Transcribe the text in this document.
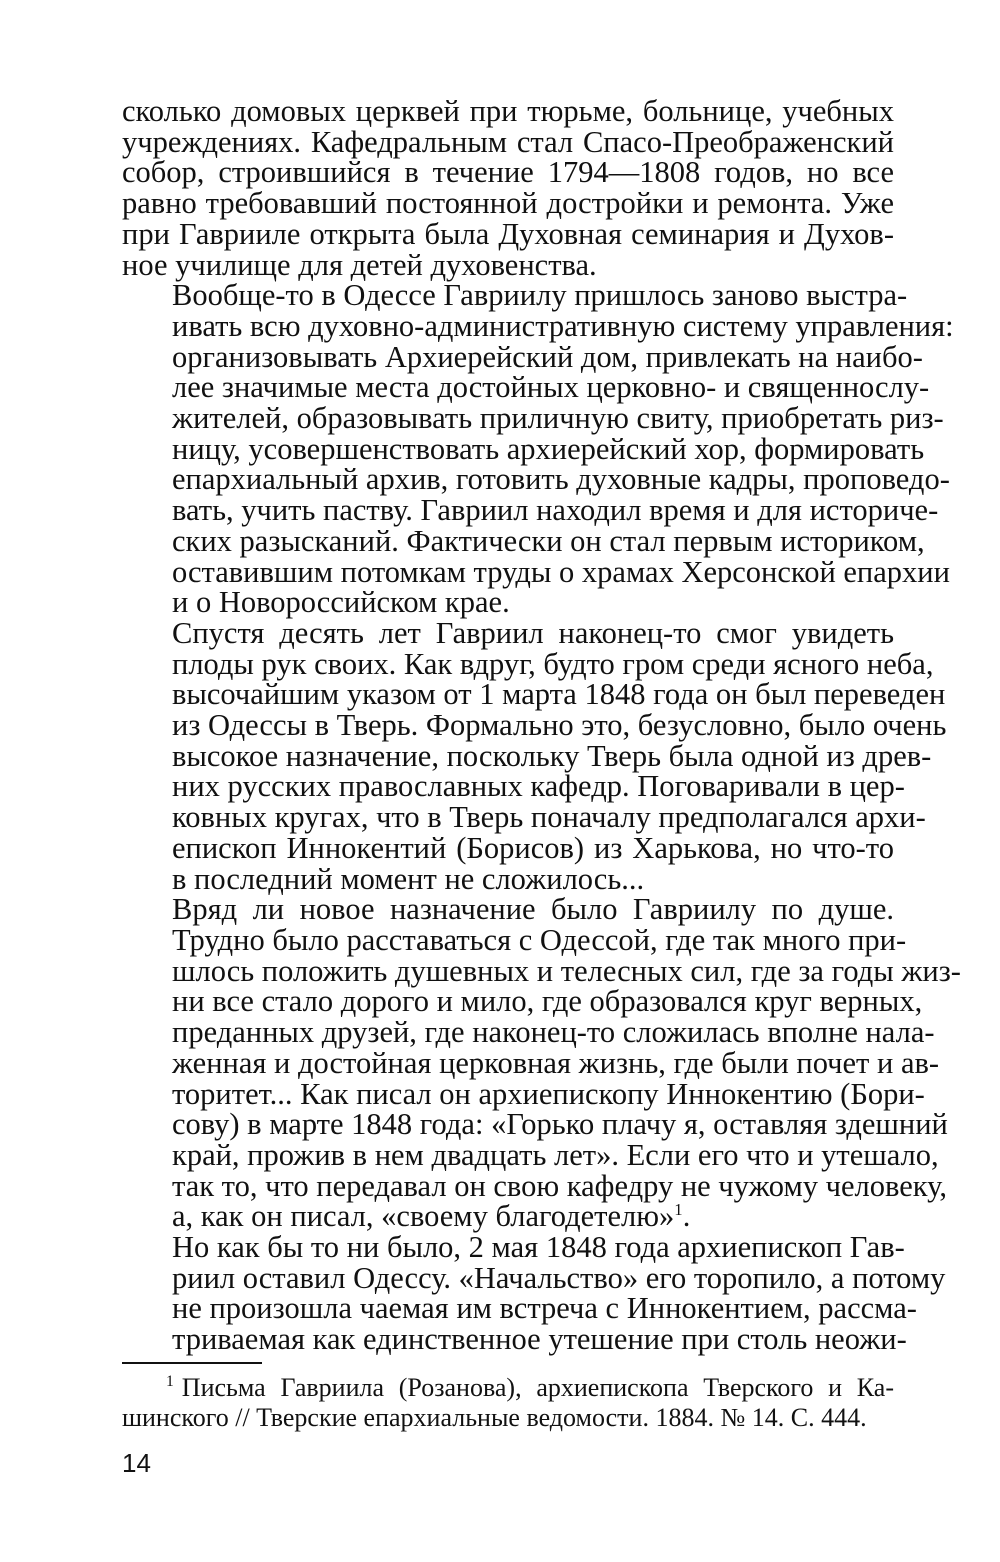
сколько домовых церквей при тюрьме, больнице, учебных
учреждениях. Кафедральным стал Спасо-Преображенский
собор, строившийся в течение 1794—1808 годов, но все
равно требовавший постоянной достройки и ремонта. Уже
при Гаврииле открыта была Духовная семинария и Духов-
ное училище для детей духовенства.

Вообще-то в Одессе Гавриилу пришлось заново выстра-
ивать всю духовно-административную систему управления:
организовывать Архиерейский дом, привлекать на наибо-
лее значимые места достойных церковно- и священнослу-
жителей, образовывать приличную свиту, приобретать риз-
ницу, усовершенствовать архиерейский хор, формировать
епархиальный архив, готовить духовные кадры, проповедо-
вать, учить паству. Гавриил находил время и для историче-
ских разысканий. Фактически он стал первым историком,
оставившим потомкам труды о храмах Херсонской епархии
и о Новороссийском крае.

Спустя десять лет Гавриил наконец-то смог увидеть
плоды рук своих. Как вдруг, будто гром среди ясного неба,
высочайшим указом от 1 марта 1848 года он был переведен
из Одессы в Тверь. Формально это, безусловно, было очень
высокое назначение, поскольку Тверь была одной из древ-
них русских православных кафедр. Поговаривали в цер-
ковных кругах, что в Тверь поначалу предполагался архи-
епископ Иннокентий (Борисов) из Харькова, но что-то
в последний момент не сложилось...

Вряд ли новое назначение было Гавриилу по душе.
Трудно было расставаться с Одессой, где так много при-
шлось положить душевных и телесных сил, где за годы жиз-
ни все стало дорого и мило, где образовался круг верных,
преданных друзей, где наконец-то сложилась вполне нала-
женная и достойная церковная жизнь, где были почет и ав-
торитет... Как писал он архиепископу Иннокентию (Бори-
сову) в марте 1848 года: «Горько плачу я, оставляя здешний
край, прожив в нем двадцать лет». Если его что и утешало,
так то, что передавал он свою кафедру не чужому человеку,
а, как он писал, «своему благодетелю»$^1$.

Но как бы то ни было, 2 мая 1848 года архиепископ Гав-
риил оставил Одессу. «Начальство» его торопило, а потому
не произошла чаемая им встреча с Иннокентием, рассма-
триваемая как единственное утешение при столь неожи-

$^1$ Письма Гавриила (Розанова), архиепископа Тверского и Ка-
шинского // Тверские епархиальные ведомости. 1884. № 14. С. 444.
14
